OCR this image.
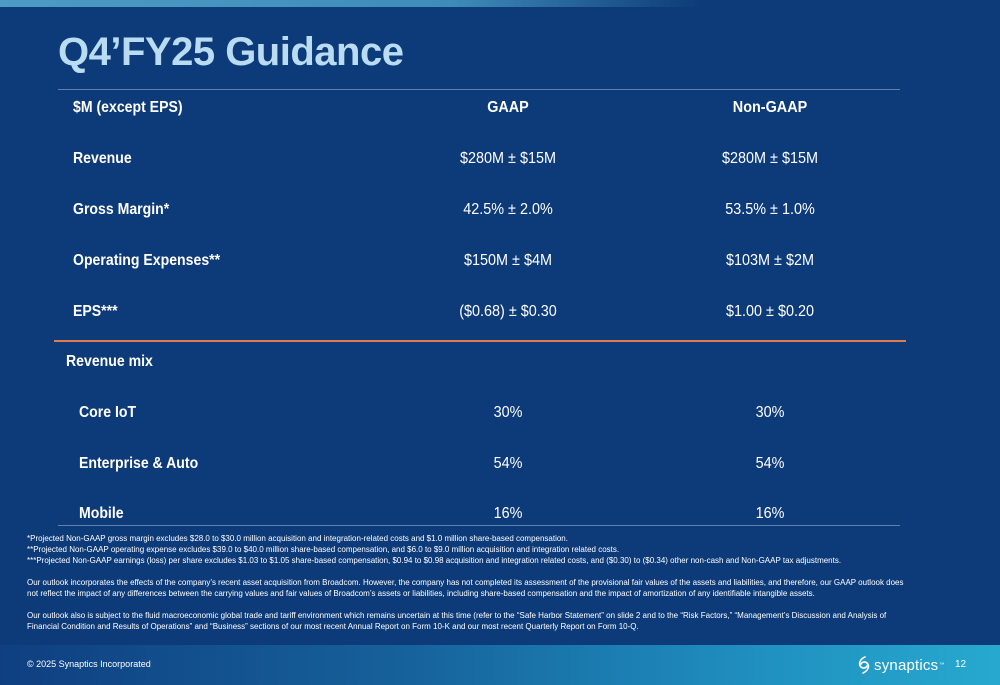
Q4’FY25 Guidance
$M (except EPS)	GAAP	Non-GAAP
Revenue	$280M ± $15M	$280M ± $15M
Gross Margin*	42.5% ± 2.0%	53.5% ± 1.0%
Operating Expenses**	$150M ± $4M	$103M ± $2M
EPS***	($0.68) ± $0.30	$1.00 ± $0.20
Revenue mix
Core IoT	30%	30%
Enterprise & Auto	54%	54%
Mobile	16%	16%

*Projected Non-GAAP gross margin excludes $28.0 to $30.0 million acquisition and integration-related costs and $1.0 million share-based compensation.

**Projected Non-GAAP operating expense excludes $39.0 to $40.0 million share-based compensation, and $6.0 to $9.0 million acquisition and integration related costs.

***Projected Non-GAAP earnings (loss) per share excludes $1.03 to $1.05 share-based compensation, $0.94 to $0.98 acquisition and integration related costs, and ($0.30) to ($0.34) other non-cash and Non-GAAP tax adjustments.

Our outlook incorporates the effects of the company’s recent asset acquisition from Broadcom. However, the company has not completed its assessment of the provisional fair values of the assets and liabilities, and therefore, our GAAP outlook does not reflect the impact of any differences between the carrying values and fair values of Broadcom’s assets or liabilities, including share-based compensation and the impact of amortization of any identifiable intangible assets.

Our outlook also is subject to the fluid macroeconomic global trade and tariff environment which remains uncertain at this time (refer to the “Safe Harbor Statement” on slide 2 and to the “Risk Factors,” “Management’s Discussion and Analysis of Financial Condition and Results of Operations” and “Business” sections of our most recent Annual Report on Form 10-K and our most recent Quarterly Report on Form 10-Q.

© 2025 Synaptics Incorporated	synaptics ™ 12
